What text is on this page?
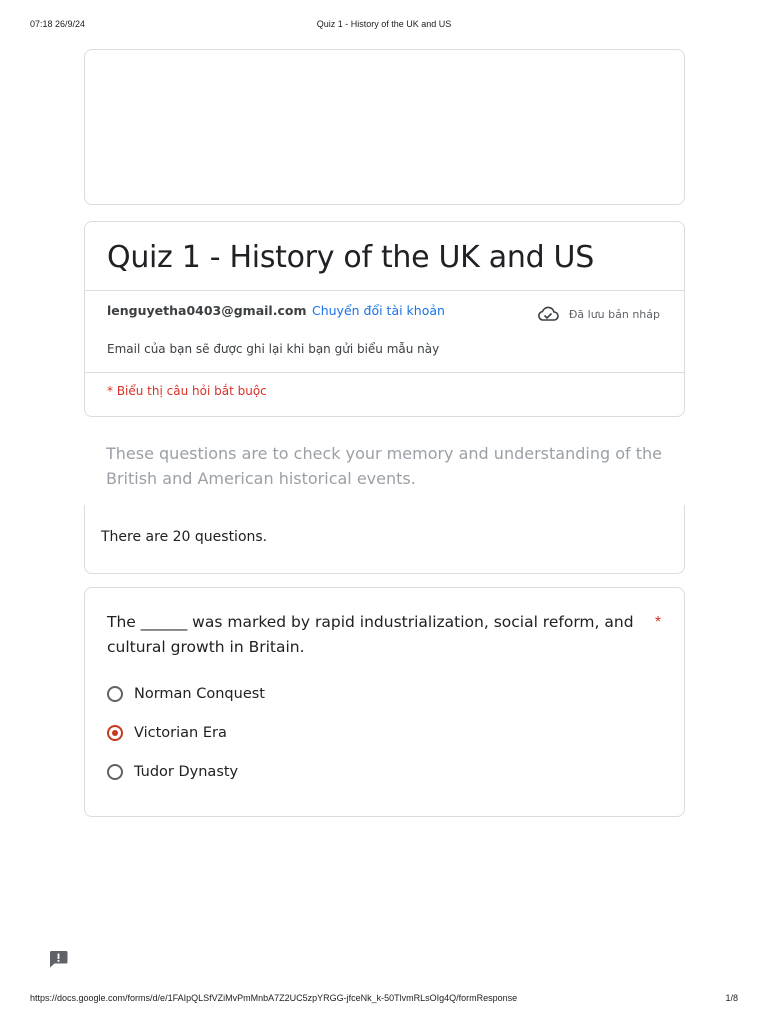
07:18 26/9/24	Quiz 1 - History of the UK and US
Quiz 1 - History of the UK and US
lenguyetha0403@gmail.com Chuyển đổi tài khoản	Đã lưu bản nháp
Email của bạn sẽ được ghi lại khi bạn gửi biểu mẫu này
* Biểu thị câu hỏi bắt buộc
These questions are to check your memory and understanding of the British and American historical events.
There are 20 questions.
The ______ was marked by rapid industrialization, social reform, and cultural growth in Britain.
*
Norman Conquest
Victorian Era
Tudor Dynasty
https://docs.google.com/forms/d/e/1FAIpQLSfVZiMvPmMnbA7Z2UC5zpYRGG-jfceNk_k-50TlvmRLsOIg4Q/formResponse	1/8
